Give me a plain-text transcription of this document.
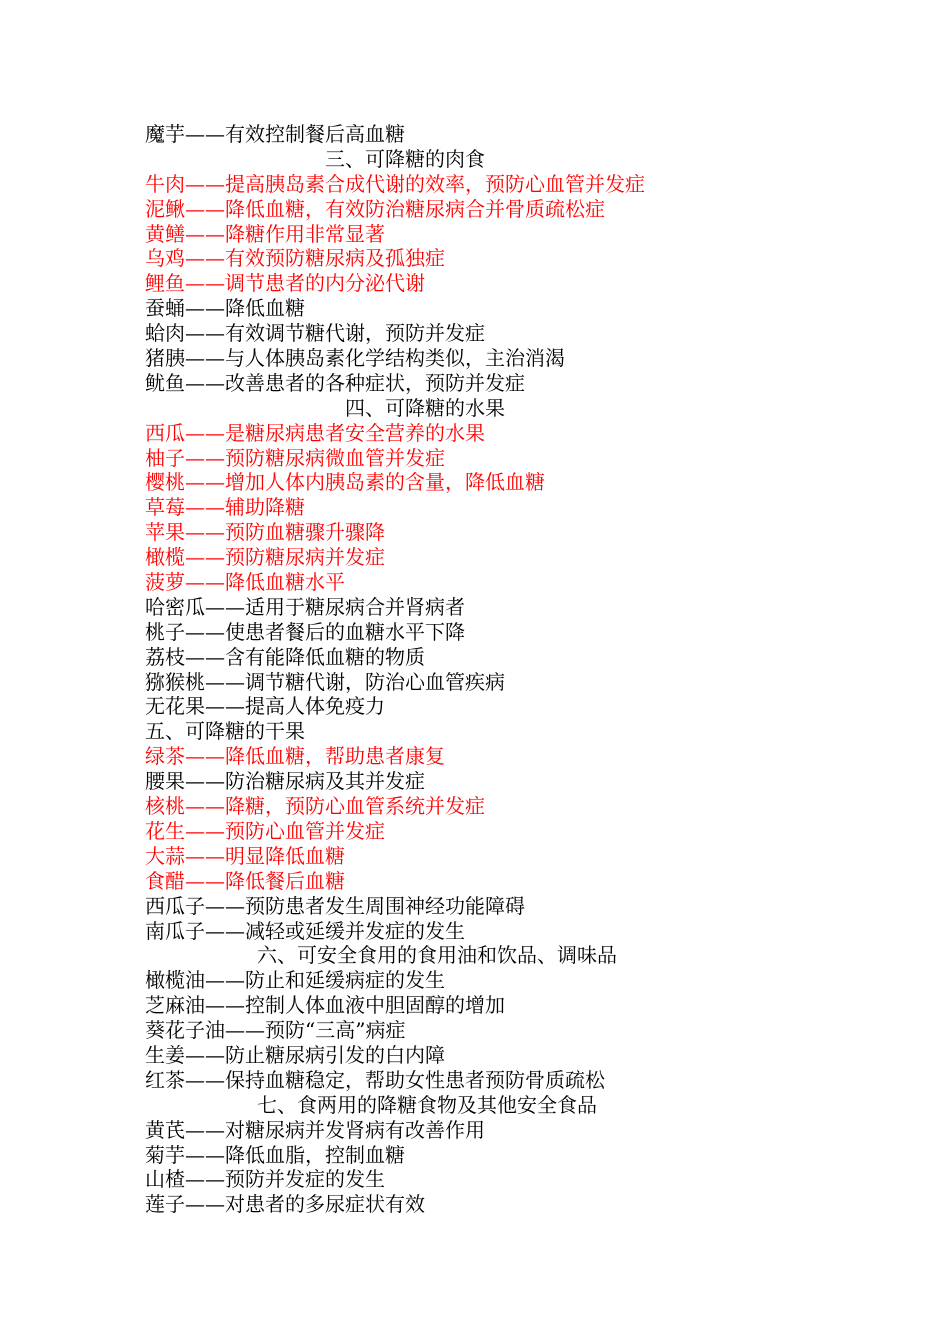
魔芋——有效控制餐后高血糖
三、可降糖的肉食
牛肉——提高胰岛素合成代谢的效率，预防心血管并发症
泥鳅——降低血糖，有效防治糖尿病合并骨质疏松症
黄鳝——降糖作用非常显著
乌鸡——有效预防糖尿病及孤独症
鲤鱼——调节患者的内分泌代谢
蚕蛹——降低血糖
蛤肉——有效调节糖代谢，预防并发症
猪胰——与人体胰岛素化学结构类似，主治消渴
鱿鱼——改善患者的各种症状，预防并发症
四、可降糖的水果
西瓜——是糖尿病患者安全营养的水果
柚子——预防糖尿病微血管并发症
樱桃——增加人体内胰岛素的含量，降低血糖
草莓——辅助降糖
苹果——预防血糖骤升骤降
橄榄——预防糖尿病并发症
菠萝——降低血糖水平
哈密瓜——适用于糖尿病合并肾病者
桃子——使患者餐后的血糖水平下降
荔枝——含有能降低血糖的物质
猕猴桃——调节糖代谢，防治心血管疾病
无花果——提高人体免疫力
五、可降糖的干果
绿茶——降低血糖，帮助患者康复
腰果——防治糖尿病及其并发症
核桃——降糖，预防心血管系统并发症
花生——预防心血管并发症
大蒜——明显降低血糖
食醋——降低餐后血糖
西瓜子——预防患者发生周围神经功能障碍
南瓜子——减轻或延缓并发症的发生
六、可安全食用的食用油和饮品、调味品
橄榄油——防止和延缓病症的发生
芝麻油——控制人体血液中胆固醇的增加
葵花子油——预防“三高”病症
生姜——防止糖尿病引发的白内障
红茶——保持血糖稳定，帮助女性患者预防骨质疏松
七、食两用的降糖食物及其他安全食品
黄芪——对糖尿病并发肾病有改善作用
菊芋——降低血脂，控制血糖
山楂——预防并发症的发生
莲子——对患者的多尿症状有效
